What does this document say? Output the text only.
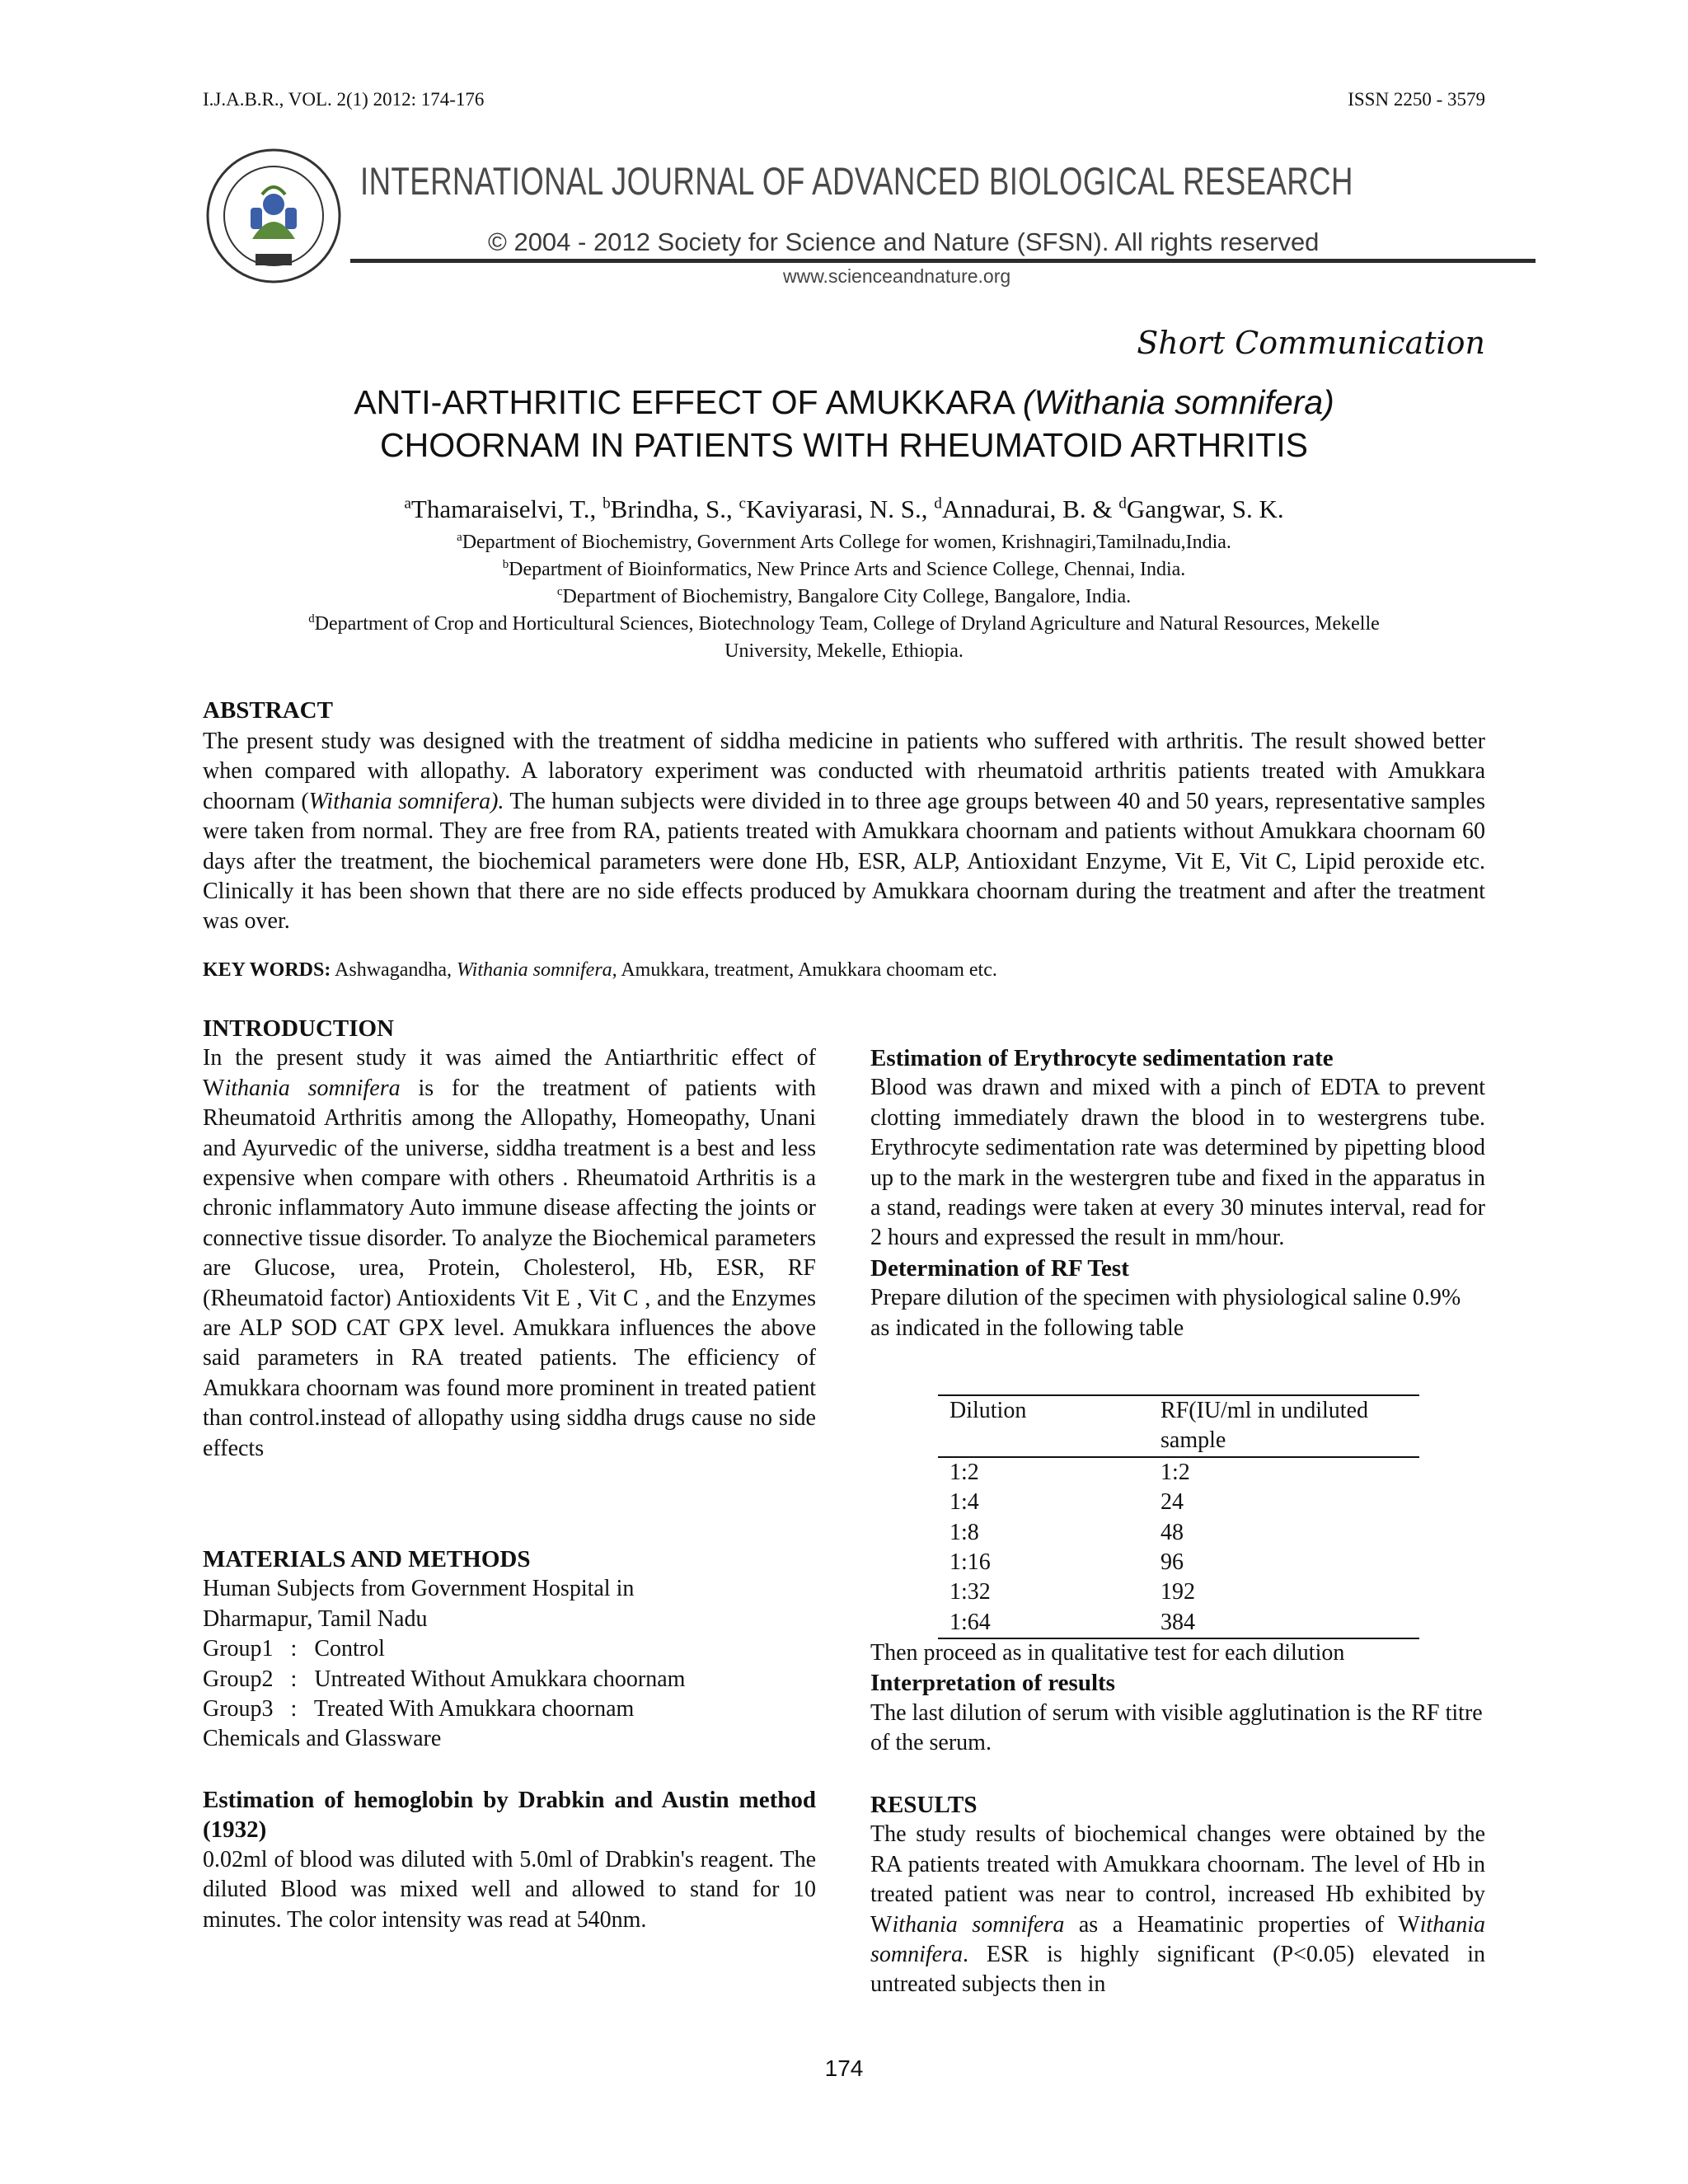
I.J.A.B.R., VOL. 2(1) 2012: 174-176	ISSN 2250 - 3579
INTERNATIONAL JOURNAL OF ADVANCED BIOLOGICAL RESEARCH
© 2004 - 2012 Society for Science and Nature (SFSN). All rights reserved
www.scienceandnature.org
Short Communication
ANTI-ARTHRITIC EFFECT OF AMUKKARA (Withania somnifera)
CHOORNAM IN PATIENTS WITH RHEUMATOID ARTHRITIS
$^a$Thamaraiselvi, T., $^b$Brindha, S., $^c$Kaviyarasi, N. S., $^d$Annadurai, B. & $^d$Gangwar, S. K.
$^a$Department of Biochemistry, Government Arts College for women, Krishnagiri,Tamilnadu,India.
$^b$Department of Bioinformatics, New Prince Arts and Science College, Chennai, India.
$^c$Department of Biochemistry, Bangalore City College, Bangalore, India.
$^d$Department of Crop and Horticultural Sciences, Biotechnology Team, College of Dryland Agriculture and Natural Resources, Mekelle
University, Mekelle, Ethiopia.
ABSTRACT
The present study was designed with the treatment of siddha medicine in patients who suffered with arthritis. The result showed better when compared with allopathy. A laboratory experiment was conducted with rheumatoid arthritis patients treated with Amukkara choornam (Withania somnifera). The human subjects were divided in to three age groups between 40 and 50 years, representative samples were taken from normal. They are free from RA, patients treated with Amukkara choornam and patients without Amukkara choornam 60 days after the treatment, the biochemical parameters were done Hb, ESR, ALP, Antioxidant Enzyme, Vit E, Vit C, Lipid peroxide etc. Clinically it has been shown that there are no side effects produced by Amukkara choornam during the treatment and after the treatment was over.
KEY WORDS: Ashwagandha, Withania somnifera, Amukkara, treatment, Amukkara choomam etc.
INTRODUCTION
In the present study it was aimed the Antiarthritic effect of Withania somnifera is for the treatment of patients with Rheumatoid Arthritis among the Allopathy, Homeopathy, Unani and Ayurvedic of the universe, siddha treatment is a best and less expensive when compare with others . Rheumatoid Arthritis is a chronic inflammatory Auto immune disease affecting the joints or connective tissue disorder. To analyze the Biochemical parameters are Glucose, urea, Protein, Cholesterol, Hb, ESR, RF (Rheumatoid factor) Antioxidents Vit E , Vit C , and the Enzymes are ALP SOD CAT GPX level. Amukkara influences the above said parameters in RA treated patients. The efficiency of Amukkara choornam was found more prominent in treated patient than control.instead of allopathy using siddha drugs cause no side effects
MATERIALS AND METHODS
Human Subjects from Government Hospital in
Dharmapur, Tamil Nadu
Group1   :   Control
Group2   :   Untreated Without Amukkara choornam
Group3   :   Treated With Amukkara choornam
Chemicals and Glassware
Estimation of hemoglobin by Drabkin and Austin method (1932)
0.02ml of blood was diluted with 5.0ml of Drabkin's reagent. The diluted Blood was mixed well and allowed to stand for 10 minutes. The color intensity was read at 540nm.
Estimation of Erythrocyte sedimentation rate
Blood was drawn and mixed with a pinch of EDTA to prevent clotting immediately drawn the blood in to westergrens tube. Erythrocyte sedimentation rate was determined by pipetting blood up to the mark in the westergren tube and fixed in the apparatus in a stand, readings were taken at every 30 minutes interval, read for 2 hours and expressed the result in mm/hour.
Determination of RF Test
Prepare dilution of the specimen with physiological saline 0.9% as indicated in the following table
Dilution	RF(IU/ml in undiluted sample
1:2	1:2
1:4	24
1:8	48
1:16	96
1:32	192
1:64	384
Then proceed as in qualitative test for each dilution
Interpretation of results
The last dilution of serum with visible agglutination is the RF titre of the serum.
RESULTS
The study results of biochemical changes were obtained by the RA patients treated with Amukkara choornam. The level of Hb in treated patient was near to control, increased Hb exhibited by Withania somnifera as a Heamatinic properties of Withania somnifera. ESR is highly significant (P<0.05) elevated in untreated subjects then in
174
